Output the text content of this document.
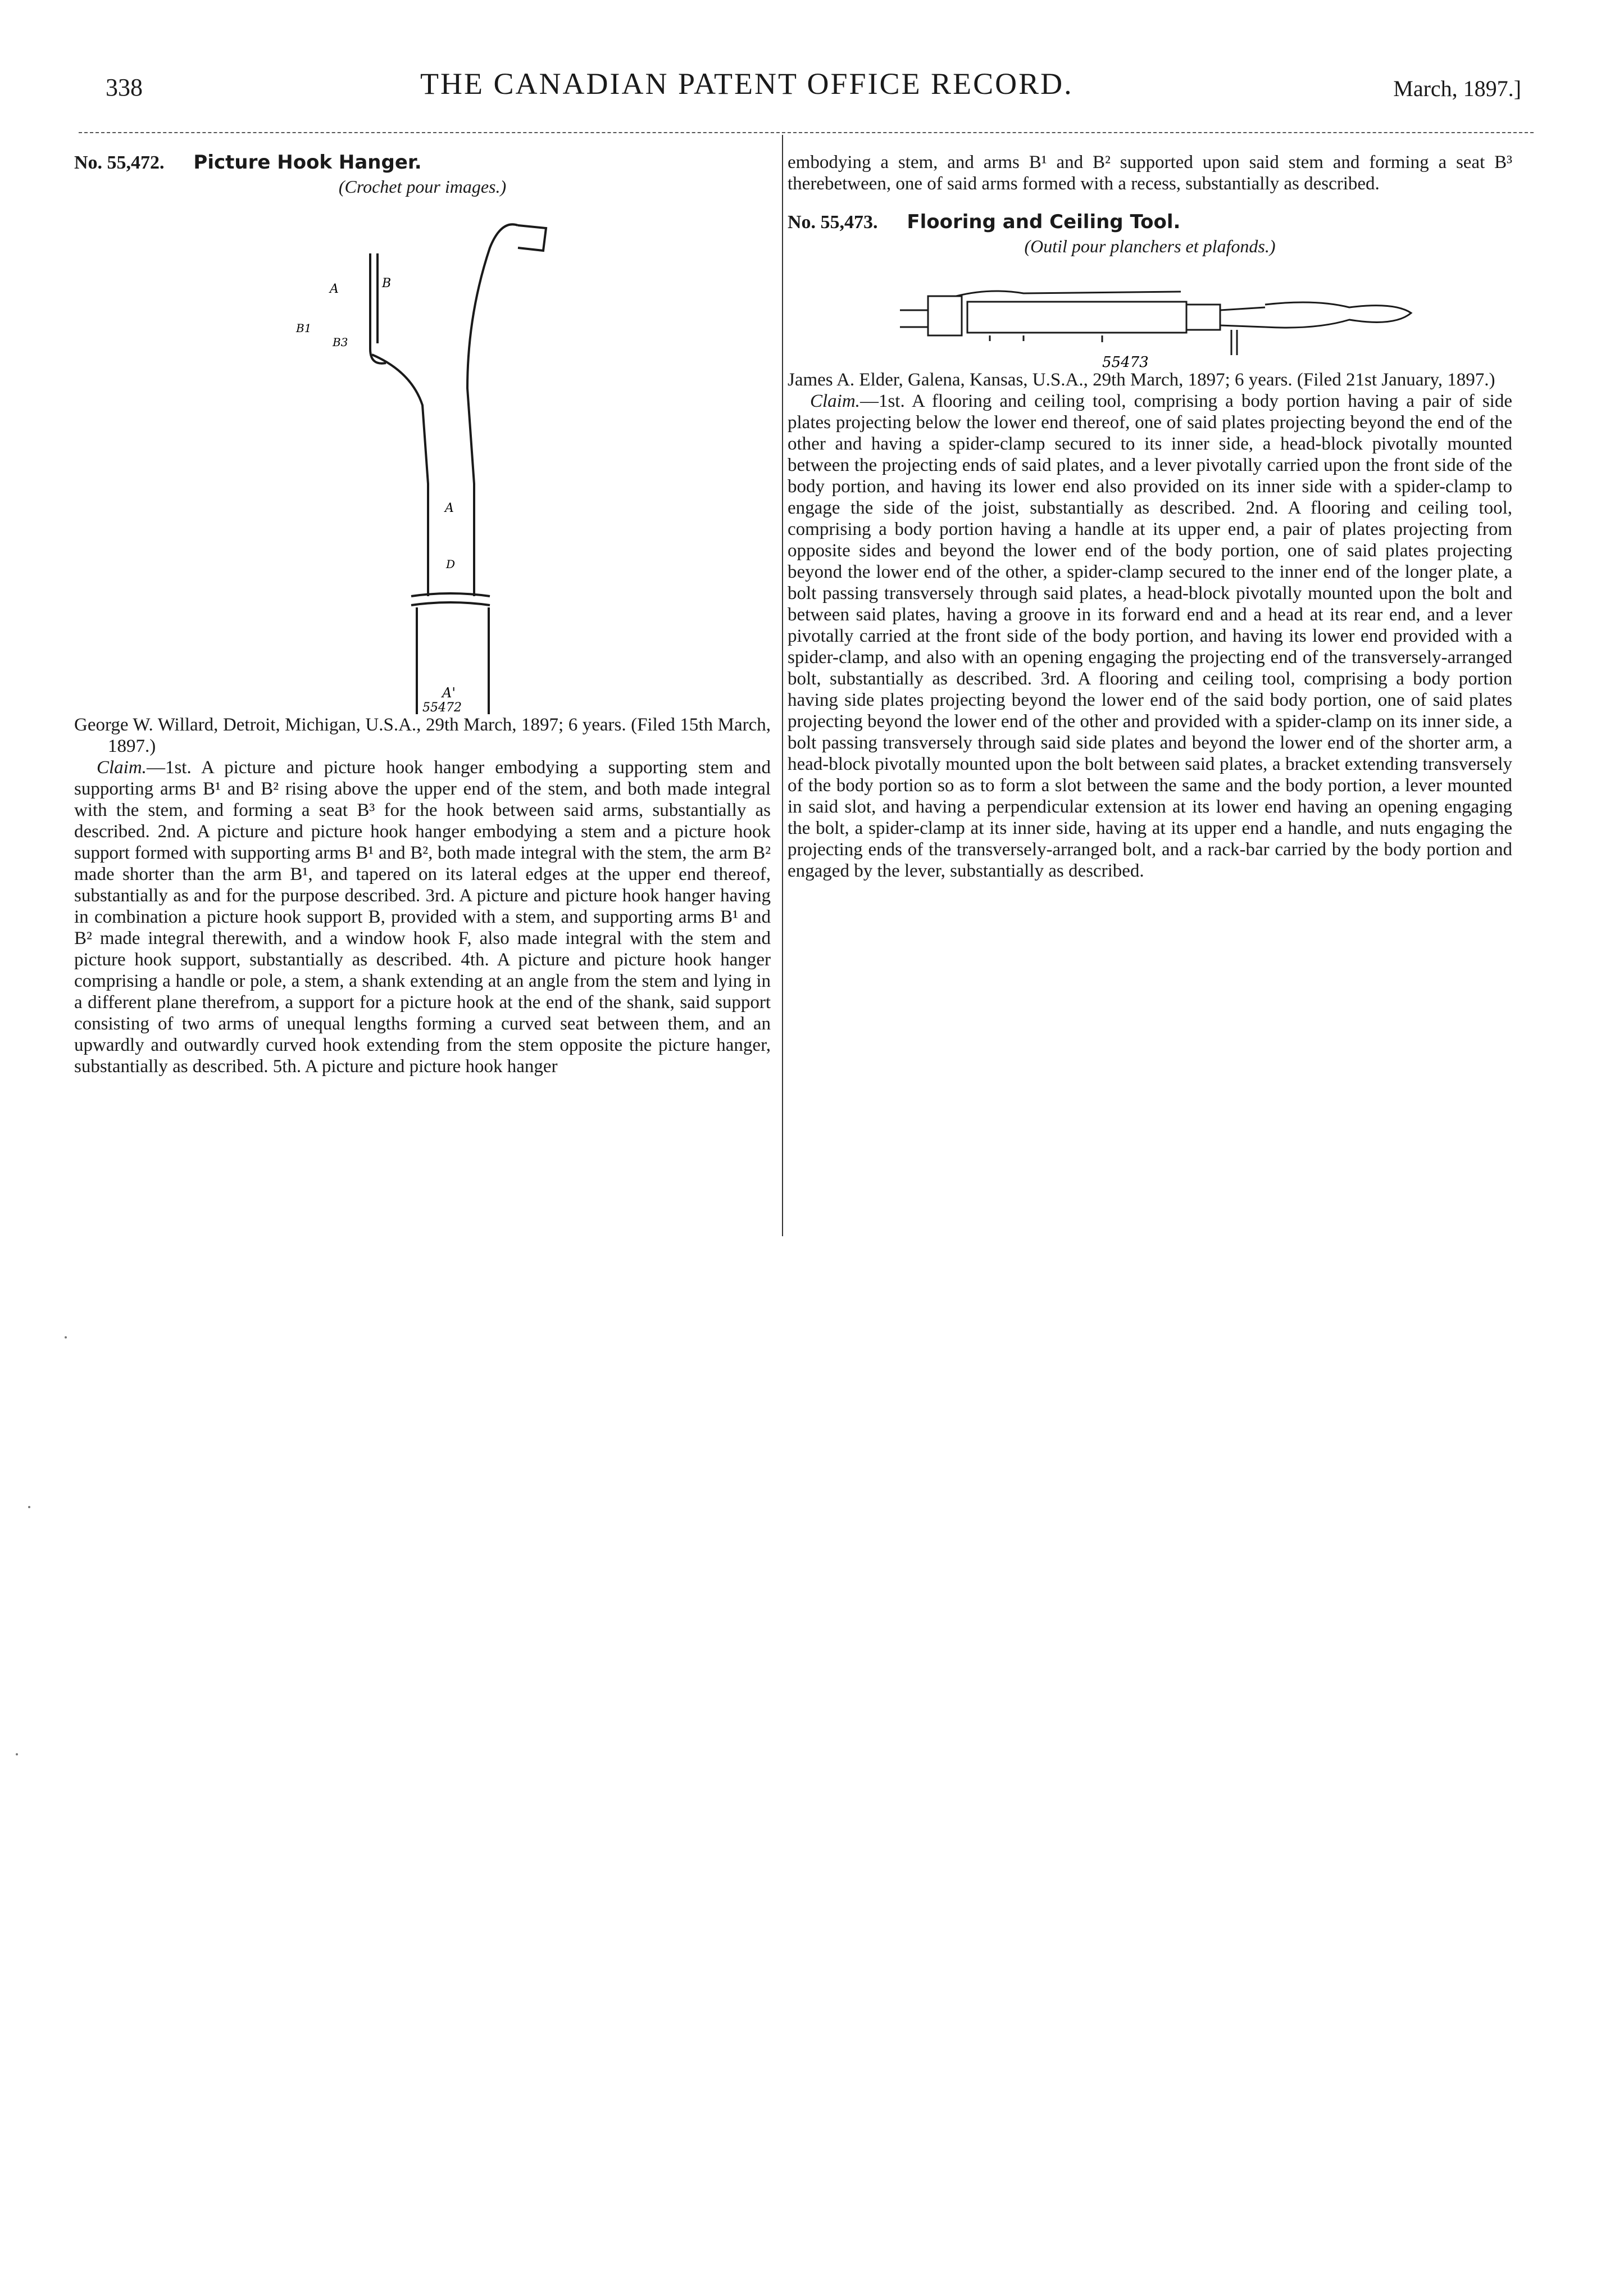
338	THE CANADIAN PATENT OFFICE RECORD.	March, 1897.]
No. 55,472. Picture Hook Hanger.
(Crochet pour images.)
A	B
B1
B3
A
D
A'
55472

George W. Willard, Detroit, Michigan, U.S.A., 29th March, 1897; 6 years. (Filed 15th March, 1897.)

Claim.—1st. A picture and picture hook hanger embodying a supporting stem and supporting arms B¹ and B² rising above the upper end of the stem, and both made integral with the stem, and forming a seat B³ for the hook between said arms, substantially as described. 2nd. A picture and picture hook hanger embodying a stem and a picture hook support formed with supporting arms B¹ and B², both made integral with the stem, the arm B² made shorter than the arm B¹, and tapered on its lateral edges at the upper end thereof, substantially as and for the purpose described. 3rd. A picture and picture hook hanger having in combination a picture hook support B, provided with a stem, and supporting arms B¹ and B² made integral therewith, and a window hook F, also made integral with the stem and picture hook support, substantially as described. 4th. A picture and picture hook hanger comprising a handle or pole, a stem, a shank extending at an angle from the stem and lying in a different plane therefrom, a support for a picture hook at the end of the shank, said support consisting of two arms of unequal lengths forming a curved seat between them, and an upwardly and outwardly curved hook extending from the stem opposite the picture hanger, substantially as described. 5th. A picture and picture hook hanger

embodying a stem, and arms B¹ and B² supported upon said stem and forming a seat B³ therebetween, one of said arms formed with a recess, substantially as described.

No. 55,473. Flooring and Ceiling Tool.
(Outil pour planchers et plafonds.)
55473

James A. Elder, Galena, Kansas, U.S.A., 29th March, 1897; 6 years. (Filed 21st January, 1897.)

Claim.—1st. A flooring and ceiling tool, comprising a body portion having a pair of side plates projecting below the lower end thereof, one of said plates projecting beyond the end of the other and having a spider-clamp secured to its inner side, a head-block pivotally mounted between the projecting ends of said plates, and a lever pivotally carried upon the front side of the body portion, and having its lower end also provided on its inner side with a spider-clamp to engage the side of the joist, substantially as described. 2nd. A flooring and ceiling tool, comprising a body portion having a handle at its upper end, a pair of plates projecting from opposite sides and beyond the lower end of the body portion, one of said plates projecting beyond the lower end of the other, a spider-clamp secured to the inner end of the longer plate, a bolt passing transversely through said plates, a head-block pivotally mounted upon the bolt and between said plates, having a groove in its forward end and a head at its rear end, and a lever pivotally carried at the front side of the body portion, and having its lower end provided with a spider-clamp, and also with an opening engaging the projecting end of the transversely-arranged bolt, substantially as described. 3rd. A flooring and ceiling tool, comprising a body portion having side plates projecting beyond the lower end of the said body portion, one of said plates projecting beyond the lower end of the other and provided with a spider-clamp on its inner side, a bolt passing transversely through said side plates and beyond the lower end of the shorter arm, a head-block pivotally mounted upon the bolt between said plates, a bracket extending transversely of the body portion so as to form a slot between the same and the body portion, a lever mounted in said slot, and having a perpendicular extension at its lower end having an opening engaging the bolt, a spider-clamp at its inner side, having at its upper end a handle, and nuts engaging the projecting ends of the transversely-arranged bolt, and a rack-bar carried by the body portion and engaged by the lever, substantially as described.
